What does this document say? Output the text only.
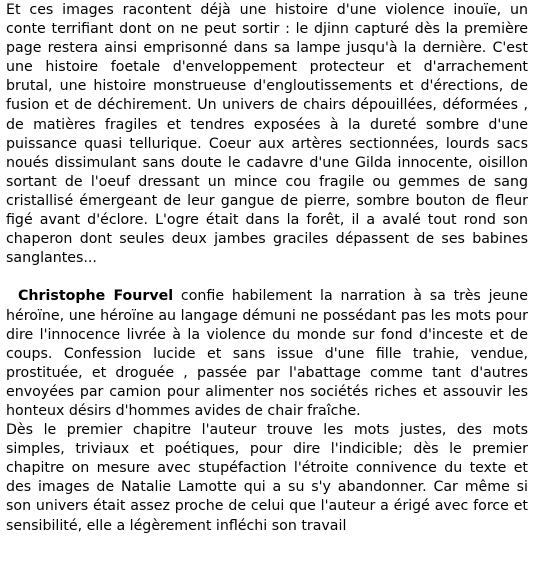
Et ces images racontent déjà une histoire d'une violence inouïe, un conte terrifiant dont on ne peut sortir : le djinn capturé dès la première page restera ainsi emprisonné dans sa lampe jusqu'à la dernière. C'est une histoire foetale d'enveloppement protecteur et d'arrachement brutal, une histoire monstrueuse d'engloutissements et d'érections, de fusion et de déchirement. Un univers de chairs dépouillées, déformées , de matières fragiles et tendres exposées à la dureté sombre d'une puissance quasi tellurique. Coeur aux artères sectionnées, lourds sacs noués dissimulant sans doute le cadavre d'une Gilda innocente, oisillon sortant de l'oeuf dressant un mince cou fragile ou gemmes de sang cristallisé émergeant de leur gangue de pierre, sombre bouton de fleur figé avant d'éclore. L'ogre était dans la forêt, il a avalé tout rond son chaperon dont seules deux jambes graciles dépassent de ses babines sanglantes...

Christophe Fourvel confie habilement la narration à sa très jeune héroïne, une héroïne au langage démuni ne possédant pas les mots pour dire l'innocence livrée à la violence du monde sur fond d'inceste et de coups. Confession lucide et sans issue d'une fille trahie, vendue, prostituée, et droguée , passée par l'abattage comme tant d'autres envoyées par camion pour alimenter nos sociétés riches et assouvir les honteux désirs d'hommes avides de chair fraîche.

Dès le premier chapitre l'auteur trouve les mots justes, des mots simples, triviaux et poétiques, pour dire l'indicible; dès le premier chapitre on mesure avec stupéfaction l'étroite connivence du texte et des images de Natalie Lamotte qui a su s'y abandonner. Car même si son univers était assez proche de celui que l'auteur a érigé avec force et sensibilité, elle a légèrement infléchi son travail
